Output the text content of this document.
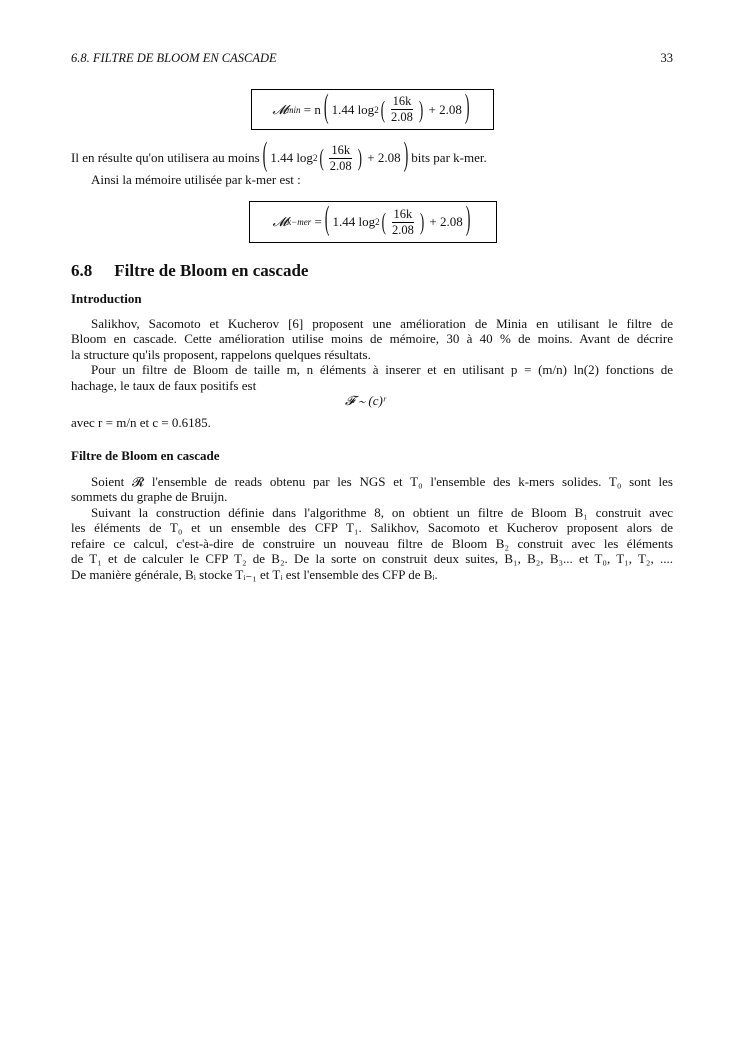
6.8. FILTRE DE BLOOM EN CASCADE	33
𝓜 min
= n ( 1.44 log 2 ( $\frac{16k}{2.08}$ )
+ 2.08 )
Il en résulte qu'on utilisera au moins ( 1.44 log 2 ( $\frac{16k}{2.08}$ )
+ 2.08 ) bits par k-mer.
Ainsi la mémoire utilisée par k-mer est :
𝓜 k−mer
= ( 1.44 log 2 ( $\frac{16k}{2.08}$ )
+ 2.08 )
6.8 Filtre de Bloom en cascade
Introduction
Salikhov, Sacomoto et Kucherov [6] proposent une amélioration de Minia en utilisant le filtre de
Bloom en cascade. Cette amélioration utilise moins de mémoire, 30 à 40 % de moins. Avant de décrire
la structure qu'ils proposent, rappelons quelques résultats.
Pour un filtre de Bloom de taille m, n éléments à inserer et en utilisant p = (m/n) ln(2) fonctions de
hachage, le taux de faux positifs est
𝓕 ∼ (c)ʳ
avec r = m/n et c = 0.6185.
Filtre de Bloom en cascade
Soient 𝓡 l'ensemble de reads obtenu par les NGS et T₀ l'ensemble des k-mers solides. T₀ sont les
sommets du graphe de Bruijn.
Suivant la construction définie dans l'algorithme 8, on obtient un filtre de Bloom B₁ construit avec
les éléments de T₀ et un ensemble des CFP T₁. Salikhov, Sacomoto et Kucherov proposent alors de
refaire ce calcul, c'est-à-dire de construire un nouveau filtre de Bloom B₂ construit avec les éléments
de T₁ et de calculer le CFP T₂ de B₂. De la sorte on construit deux suites, B₁, B₂, B₃... et T₀, T₁, T₂, ....
De manière générale, Bᵢ stocke Tᵢ₋₁ et Tᵢ est l'ensemble des CFP de Bᵢ.
